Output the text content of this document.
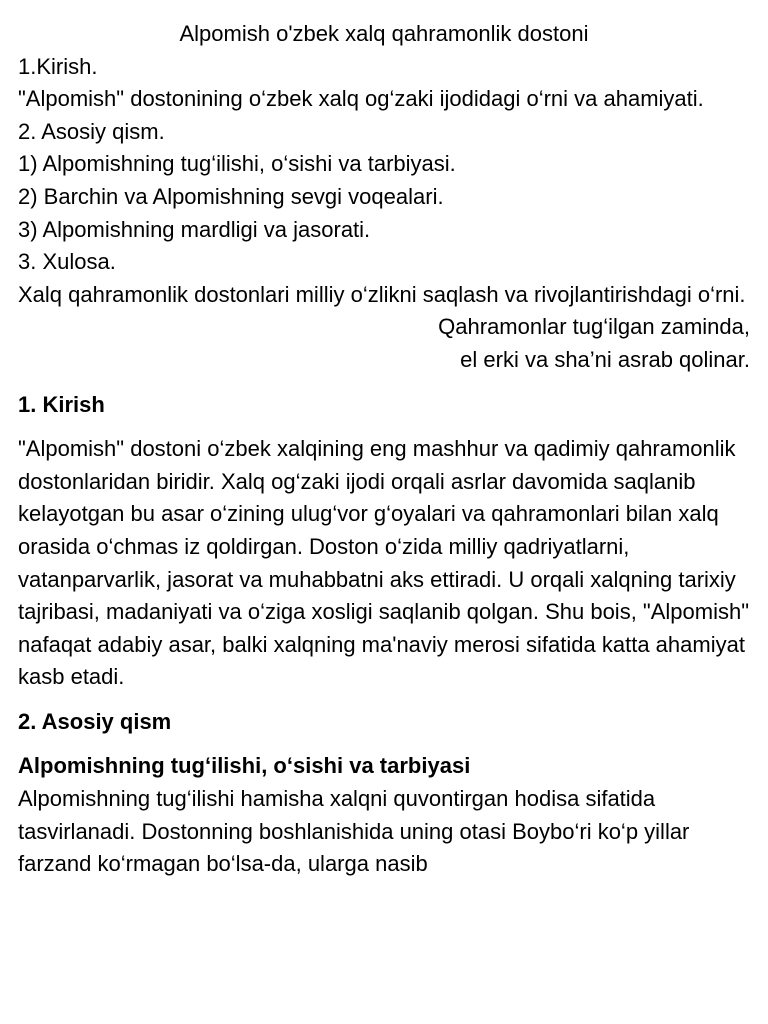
Alpomish o'zbek xalq qahramonlik dostoni

1.Kirish.

"Alpomish" dostonining o‘zbek xalq og‘zaki ijodidagi o‘rni va ahamiyati.

2. Asosiy qism.

1) Alpomishning tug‘ilishi, o‘sishi va tarbiyasi.

2) Barchin va Alpomishning sevgi voqealari.

3) Alpomishning mardligi va jasorati.

3. Xulosa.

Xalq qahramonlik dostonlari milliy o‘zlikni saqlash va rivojlantirishdagi o‘rni.

Qahramonlar tug‘ilgan zaminda,

el erki va sha’ni asrab qolinar.

1. Kirish

"Alpomish" dostoni o‘zbek xalqining eng mashhur va qadimiy qahramonlik dostonlaridan biridir. Xalq og‘zaki ijodi orqali asrlar davomida saqlanib kelayotgan bu asar o‘zining ulug‘vor g‘oyalari va qahramonlari bilan xalq orasida o‘chmas iz qoldirgan. Doston o‘zida milliy qadriyatlarni, vatanparvarlik, jasorat va muhabbatni aks ettiradi. U orqali xalqning tarixiy tajribasi, madaniyati va o‘ziga xosligi saqlanib qolgan. Shu bois, "Alpomish" nafaqat adabiy asar, balki xalqning ma'naviy merosi sifatida katta ahamiyat kasb etadi.

2. Asosiy qism

Alpomishning tug‘ilishi, o‘sishi va tarbiyasi

Alpomishning tug‘ilishi hamisha xalqni quvontirgan hodisa sifatida tasvirlanadi. Dostonning boshlanishida uning otasi Boybo‘ri ko‘p yillar farzand ko‘rmagan bo‘lsa-da, ularga nasib
